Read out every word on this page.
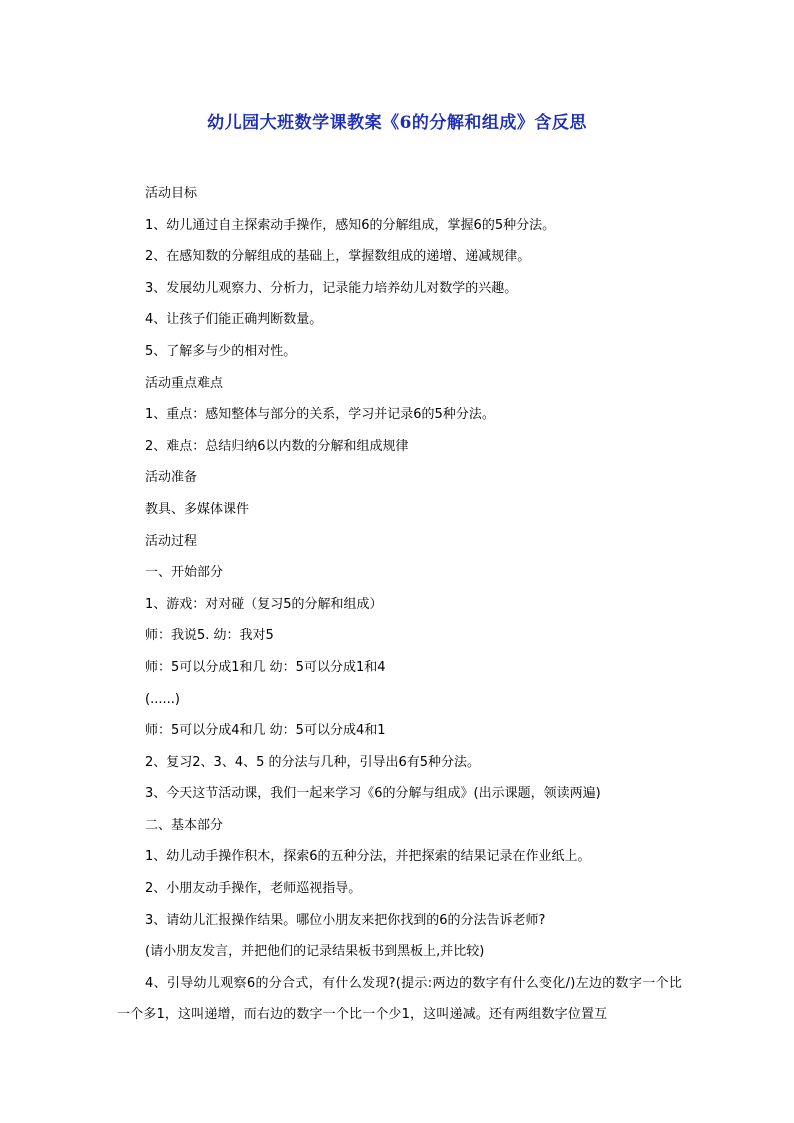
幼儿园大班数学课教案《6的分解和组成》含反思

活动目标

1、幼儿通过自主探索动手操作，感知6的分解组成，掌握6的5种分法。

2、在感知数的分解组成的基础上，掌握数组成的递增、递减规律。

3、发展幼儿观察力、分析力，记录能力培养幼儿对数学的兴趣。

4、让孩子们能正确判断数量。

5、了解多与少的相对性。

活动重点难点

1、重点：感知整体与部分的关系，学习并记录6的5种分法。

2、难点：总结归纳6以内数的分解和组成规律

活动准备

教具、多媒体课件

活动过程

一、开始部分

1、游戏：对对碰（复习5的分解和组成）

师：我说5. 幼：我对5

师：5可以分成1和几 幼：5可以分成1和4

(......)

师：5可以分成4和几 幼：5可以分成4和1

2、复习2、3、4、5 的分法与几种，引导出6有5种分法。

3、今天这节活动课，我们一起来学习《6的分解与组成》(出示课题，领读两遍)

二、基本部分

1、幼儿动手操作积木，探索6的五种分法，并把探索的结果记录在作业纸上。

2、小朋友动手操作，老师巡视指导。

3、请幼儿汇报操作结果。哪位小朋友来把你找到的6的分法告诉老师?

(请小朋友发言，并把他们的记录结果板书到黑板上,并比较)

4、引导幼儿观察6的分合式，有什么发现?(提示:两边的数字有什么变化/)左边的数字一个比一个多1，这叫递增，而右边的数字一个比一个少1，这叫递减。还有两组数字位置互
